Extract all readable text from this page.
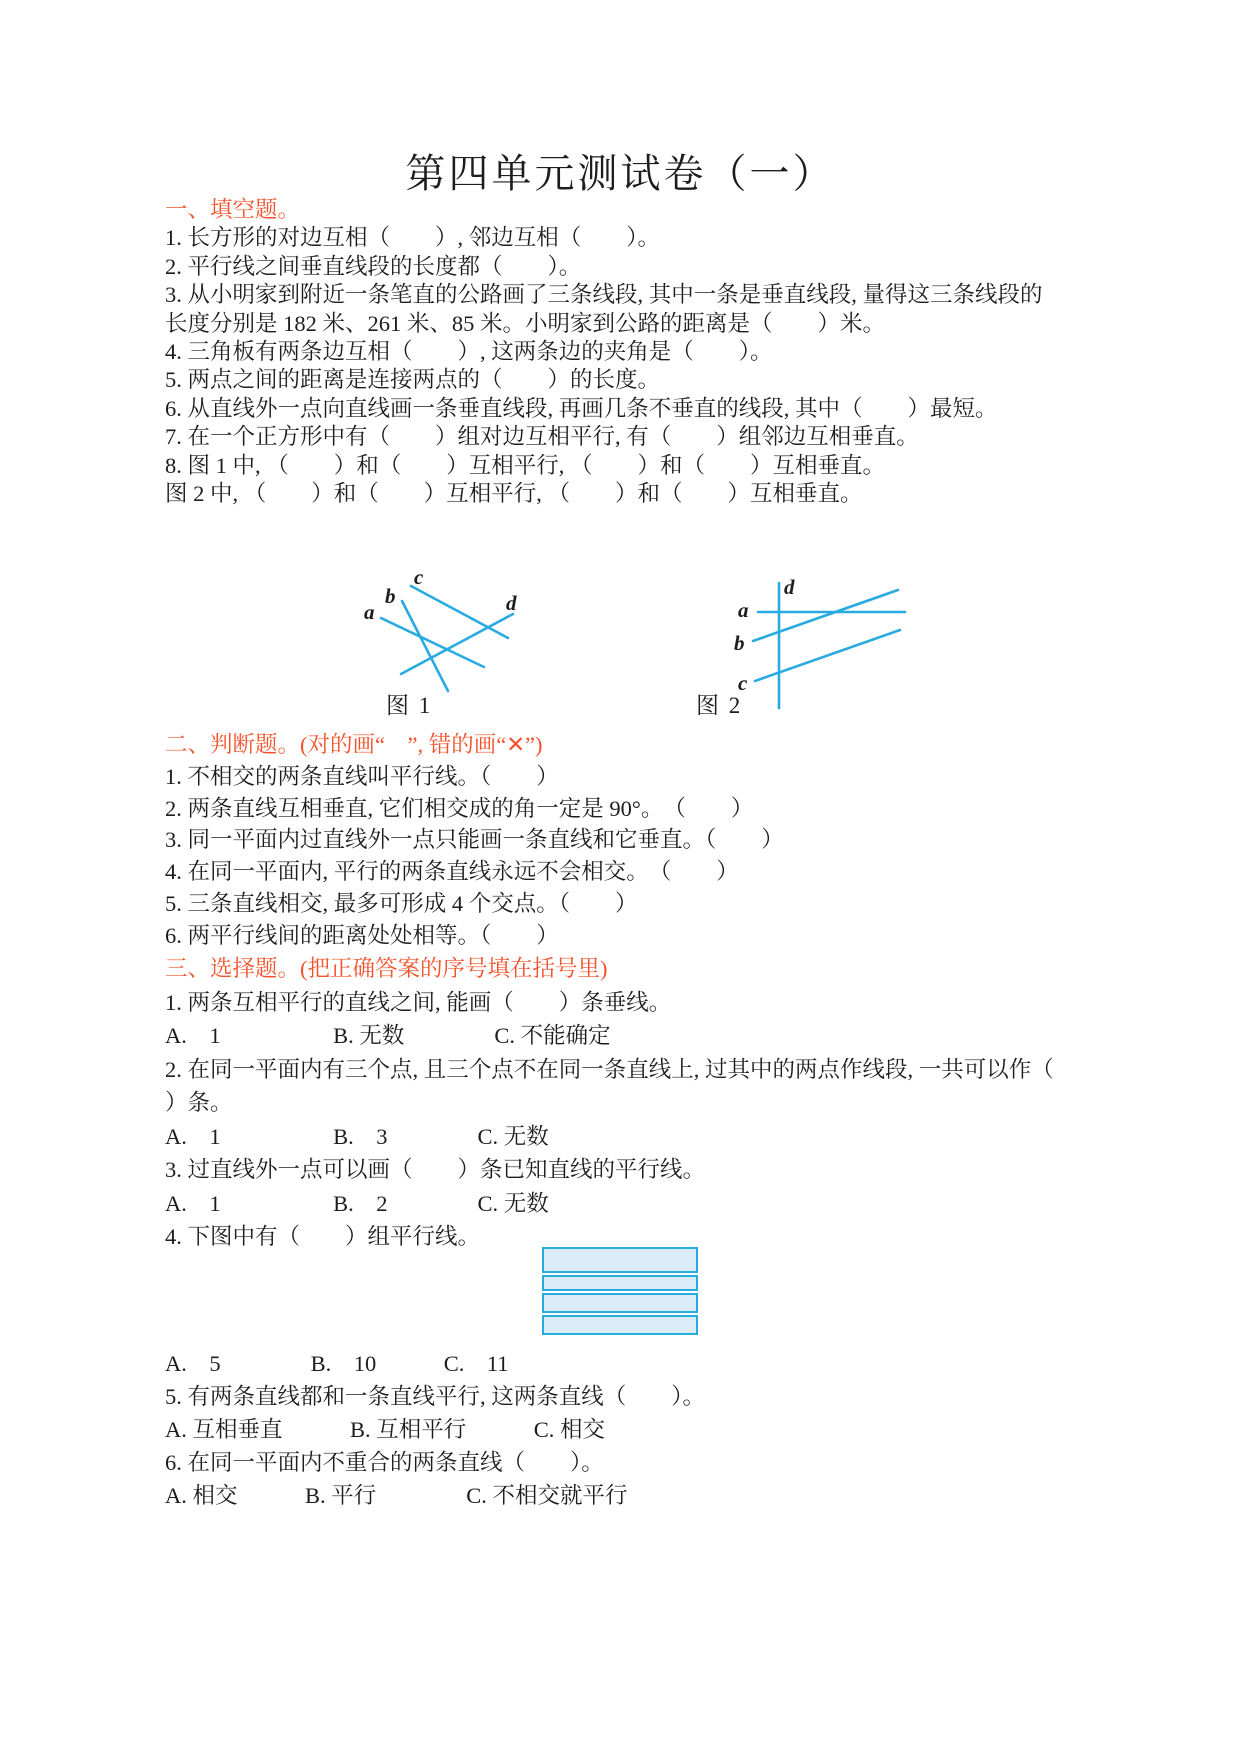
第四单元测试卷（一）
一、填空题。
1. 长方形的对边互相（　　）, 邻边互相（　　）。
2. 平行线之间垂直线段的长度都（　　）。
3. 从小明家到附近一条笔直的公路画了三条线段, 其中一条是垂直线段, 量得这三条线段的
长度分别是 182 米、261 米、85 米。小明家到公路的距离是（　　）米。
4. 三角板有两条边互相（　　）, 这两条边的夹角是（　　）。
5. 两点之间的距离是连接两点的（　　）的长度。
6. 从直线外一点向直线画一条垂直线段, 再画几条不垂直的线段, 其中（　　）最短。
7. 在一个正方形中有（　　）组对边互相平行, 有（　　）组邻边互相垂直。
8. 图 1 中, （　　）和（　　）互相平行, （　　）和（　　）互相垂直。
图 2 中, （　　）和（　　）互相平行, （　　）和（　　）互相垂直。
a
b
c
d
图 1
a
b
c
d
图 2
二、判断题。(对的画“　”, 错的画“✕”)
1. 不相交的两条直线叫平行线。（　　）
2. 两条直线互相垂直, 它们相交成的角一定是 90°。　（　　）
3. 同一平面内过直线外一点只能画一条直线和它垂直。（　　）
4. 在同一平面内, 平行的两条直线永远不会相交。　（　　）
5. 三条直线相交, 最多可形成 4 个交点。（　　）
6. 两平行线间的距离处处相等。（　　）
三、选择题。(把正确答案的序号填在括号里)
1. 两条互相平行的直线之间, 能画（　　）条垂线。
A.　1　　　　　B. 无数　　　　C. 不能确定
2. 在同一平面内有三个点, 且三个点不在同一条直线上, 过其中的两点作线段, 一共可以作（
）条。
A.　1　　　　　B.　3　　　　C. 无数
3. 过直线外一点可以画（　　）条已知直线的平行线。
A.　1　　　　　B.　2　　　　C. 无数
4. 下图中有（　　）组平行线。
A.　5　　　　B.　10　　　C.　11
5. 有两条直线都和一条直线平行, 这两条直线（　　）。
A. 互相垂直　　　B. 互相平行　　　C. 相交
6. 在同一平面内不重合的两条直线（　　）。
A. 相交　　　B. 平行　　　　C. 不相交就平行
